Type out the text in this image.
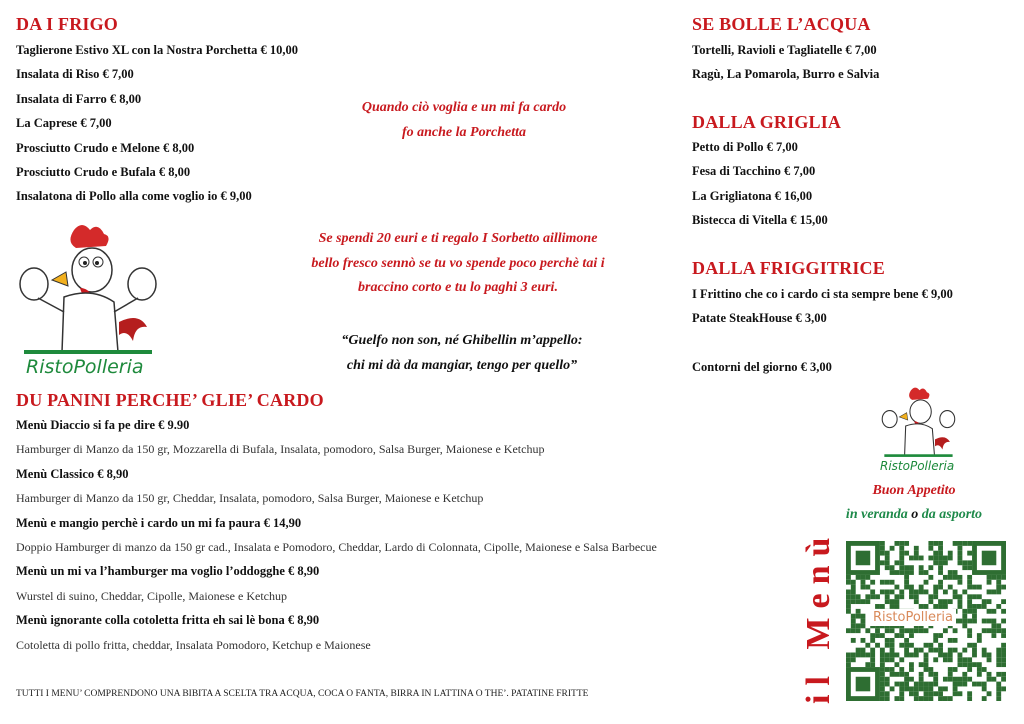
DA I FRIGO
Taglierone Estivo XL con la Nostra Porchetta € 10,00
Insalata di Riso € 7,00
Insalata di Farro € 8,00
La Caprese € 7,00
Prosciutto Crudo e Melone € 8,00
Prosciutto Crudo e Bufala € 8,00
Insalatona di Pollo alla come voglio io € 9,00
RistoPolleria
Quando ciò voglia e un mi fa cardo
fo anche la Porchetta
Se spendi 20 euri e ti regalo I Sorbetto aillimone
bello fresco sennò se tu vo spende poco perchè tai i
braccino corto e tu lo paghi 3 euri.
“Guelfo non son, né Ghibellin m’appello:
chi mi dà da mangiar, tengo per quello”
DU PANINI PERCHE’ GLIE’ CARDO
Menù Diaccio si fa pe dire € 9.90
Hamburger di Manzo da 150 gr, Mozzarella di Bufala, Insalata, pomodoro, Salsa Burger, Maionese e Ketchup
Menù Classico € 8,90
Hamburger di Manzo da 150 gr, Cheddar, Insalata, pomodoro, Salsa Burger, Maionese e Ketchup
Menù e mangio perchè i cardo un mi fa paura € 14,90
Doppio Hamburger di manzo da 150 gr cad., Insalata e Pomodoro, Cheddar, Lardo di Colonnata, Cipolle, Maionese e Salsa Barbecue
Menù un mi va l’hamburger ma voglio l’oddogghe € 8,90
Wurstel di suino, Cheddar, Cipolle, Maionese e Ketchup
Menù ignorante colla cotoletta fritta eh sai lè bona € 8,90
Cotoletta di pollo fritta, cheddar, Insalata Pomodoro, Ketchup e Maionese
TUTTI I MENU’ COMPRENDONO UNA BIBITA A SCELTA TRA ACQUA, COCA O FANTA, BIRRA IN LATTINA O THE’. PATATINE FRITTE
SE BOLLE L’ACQUA
Tortelli, Ravioli e Tagliatelle € 7,00
Ragù, La Pomarola, Burro e Salvia
DALLA GRIGLIA
Petto di Pollo € 7,00
Fesa di Tacchino € 7,00
La Grigliatona € 16,00
Bistecca di Vitella € 15,00
DALLA FRIGGITRICE
I Frittino che co i cardo ci sta sempre bene € 9,00
Patate SteakHouse € 3,00
Contorni del giorno € 3,00
RistoPolleria
Buon Appetito
in veranda o da asporto
il Menù	RistoPolleria
